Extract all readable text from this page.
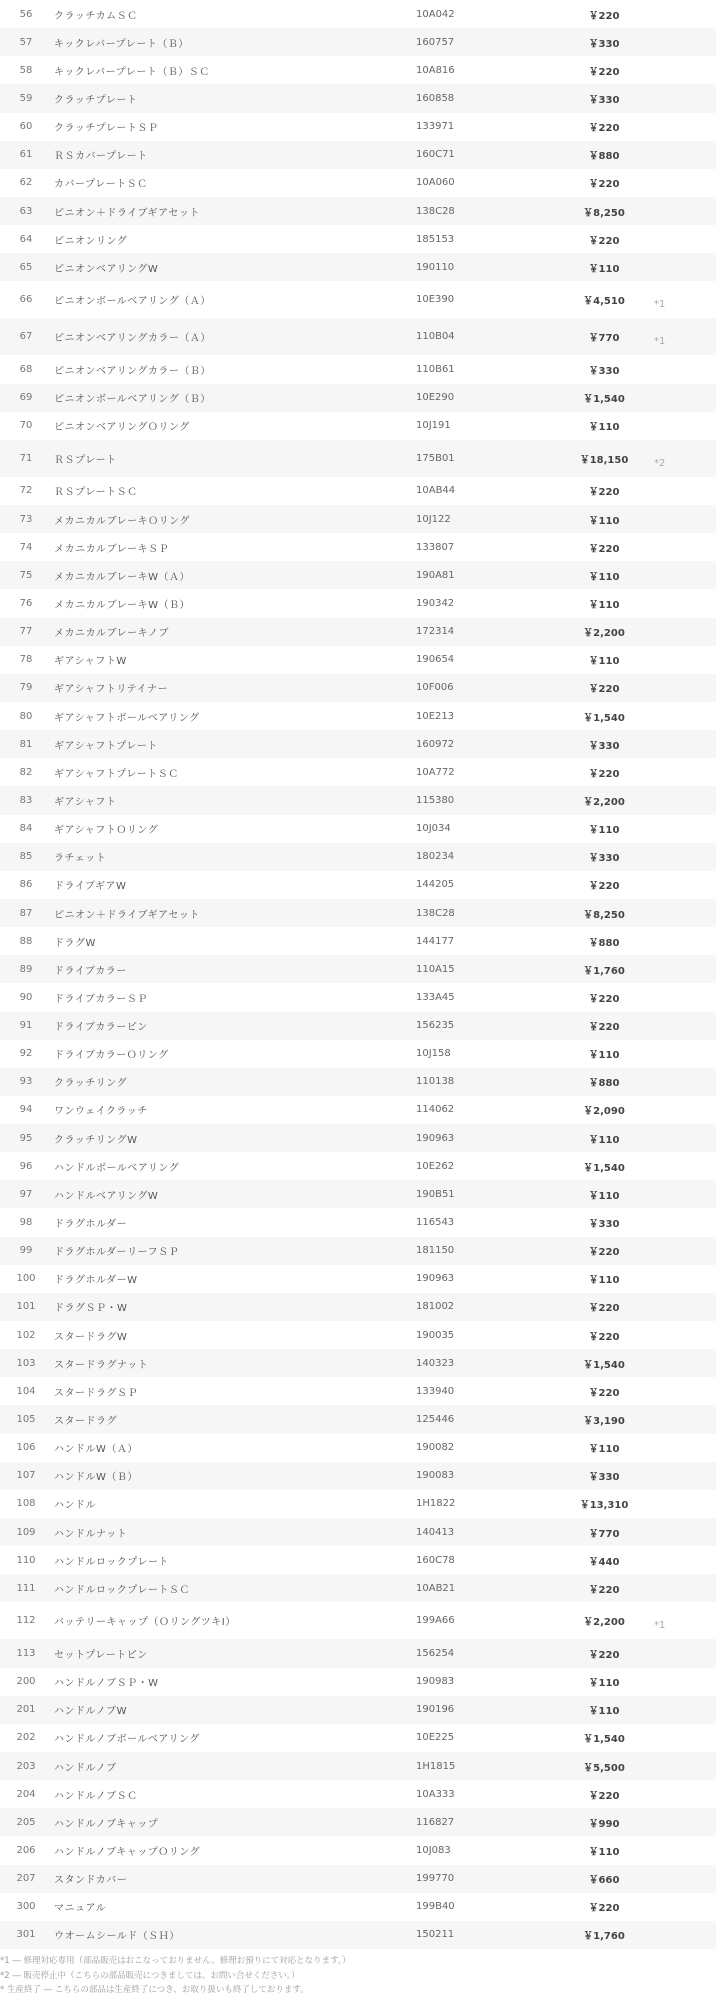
56	クラッチカムＳＣ	10A042	￥220	
57	キックレバープレート（Ｂ）	160757	￥330	
58	キックレバープレート（Ｂ）ＳＣ	10A816	￥220	
59	クラッチプレート	160858	￥330	
60	クラッチプレートＳＰ	133971	￥220	
61	ＲＳカバープレート	160C71	￥880	
62	カバープレートＳＣ	10A060	￥220	
63	ピニオン＋ドライブギアセット	138C28	￥8,250	
64	ピニオンリング	185153	￥220	
65	ピニオンベアリングW	190110	￥110	
66	ピニオンボールベアリング（Ａ）	10E390	￥4,510	*1
67	ピニオンベアリングカラー（Ａ）	110B04	￥770	*1
68	ピニオンベアリングカラー（Ｂ）	110B61	￥330	
69	ピニオンボールベアリング（Ｂ）	10E290	￥1,540	
70	ピニオンベアリングＯリング	10J191	￥110	
71	ＲＳプレート	175B01	￥18,150	*2
72	ＲＳプレートＳＣ	10AB44	￥220	
73	メカニカルブレーキＯリング	10J122	￥110	
74	メカニカルブレーキＳＰ	133807	￥220	
75	メカニカルブレーキW（Ａ）	190A81	￥110	
76	メカニカルブレーキW（Ｂ）	190342	￥110	
77	メカニカルブレーキノブ	172314	￥2,200	
78	ギアシャフトW	190654	￥110	
79	ギアシャフトリテイナー	10F006	￥220	
80	ギアシャフトボールベアリング	10E213	￥1,540	
81	ギアシャフトプレート	160972	￥330	
82	ギアシャフトプレートＳＣ	10A772	￥220	
83	ギアシャフト	115380	￥2,200	
84	ギアシャフトＯリング	10J034	￥110	
85	ラチェット	180234	￥330	
86	ドライブギアW	144205	￥220	
87	ピニオン＋ドライブギアセット	138C28	￥8,250	
88	ドラグW	144177	￥880	
89	ドライブカラー	110A15	￥1,760	
90	ドライブカラーＳＰ	133A45	￥220	
91	ドライブカラーピン	156235	￥220	
92	ドライブカラーＯリング	10J158	￥110	
93	クラッチリング	110138	￥880	
94	ワンウェイクラッチ	114062	￥2,090	
95	クラッチリングW	190963	￥110	
96	ハンドルボールベアリング	10E262	￥1,540	
97	ハンドルベアリングW	190B51	￥110	
98	ドラグホルダー	116543	￥330	
99	ドラグホルダーリーフＳＰ	181150	￥220	
100	ドラグホルダーW	190963	￥110	
101	ドラグＳＰ・W	181002	￥220	
102	スタードラグW	190035	￥220	
103	スタードラグナット	140323	￥1,540	
104	スタードラグＳＰ	133940	￥220	
105	スタードラグ	125446	￥3,190	
106	ハンドルW（Ａ）	190082	￥110	
107	ハンドルW（Ｂ）	190083	￥330	
108	ハンドル	1H1822	￥13,310	
109	ハンドルナット	140413	￥770	
110	ハンドルロックプレート	160C78	￥440	
111	ハンドルロックプレートＳＣ	10AB21	￥220	
112	バッテリーキャップ（ＯリングツキI）	199A66	￥2,200	*1
113	セットプレートピン	156254	￥220	
200	ハンドルノブＳＰ・W	190983	￥110	
201	ハンドルノブW	190196	￥110	
202	ハンドルノブボールベアリング	10E225	￥1,540	
203	ハンドルノブ	1H1815	￥5,500	
204	ハンドルノブＳＣ	10A333	￥220	
205	ハンドルノブキャップ	116827	￥990	
206	ハンドルノブキャップＯリング	10J083	￥110	
207	スタンドカバー	199770	￥660	
300	マニュアル	199B40	￥220	
301	ウオームシールド（ＳＨ）	150211	￥1,760	
*1 ― 修理対応専用（部品販売はおこなっておりません。修理お預りにて対応となります。）
*2 ― 販売停止中（こちらの部品販売につきましては、お問い合せください。）
* 生産終了 ― こちらの部品は生産終了につき、お取り扱いも終了しております。
